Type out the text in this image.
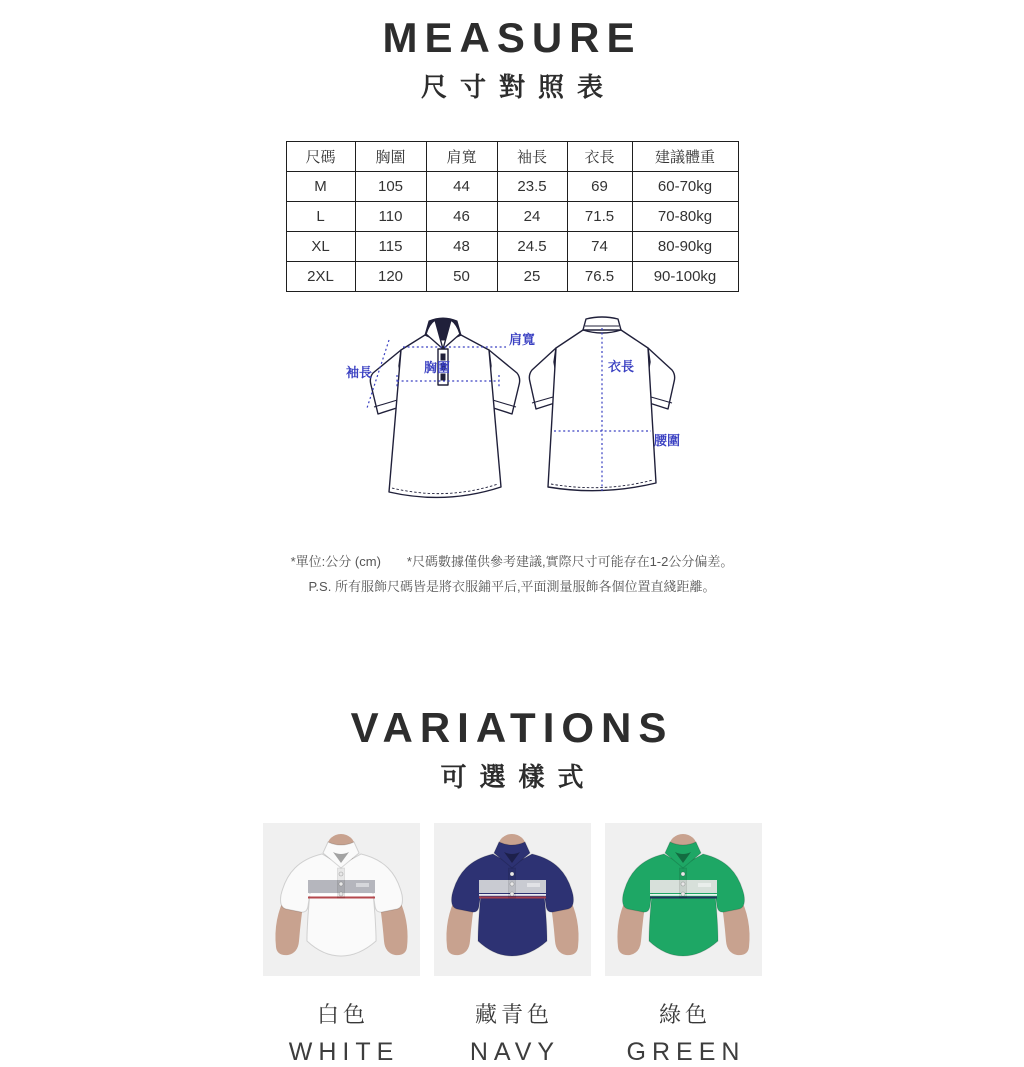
MEASURE
尺寸對照表
尺碼	胸圍	肩寬	袖長	衣長	建議體重
M	105	44	23.5	69	60-70kg
L	110	46	24	71.5	70-80kg
XL	115	48	24.5	74	80-90kg
2XL	120	50	25	76.5	90-100kg
袖長	胸圍
肩寬
衣長
腰圍
*單位:公分 (cm) *尺碼數據僅供參考建議,實際尺寸可能存在1-2公分偏差。
P.S. 所有服飾尺碼皆是將衣服鋪平后,平面測量服飾各個位置直綫距離。
VARIATIONS
可選樣式
白色
WHITE
藏青色
NAVY
綠色
GREEN
